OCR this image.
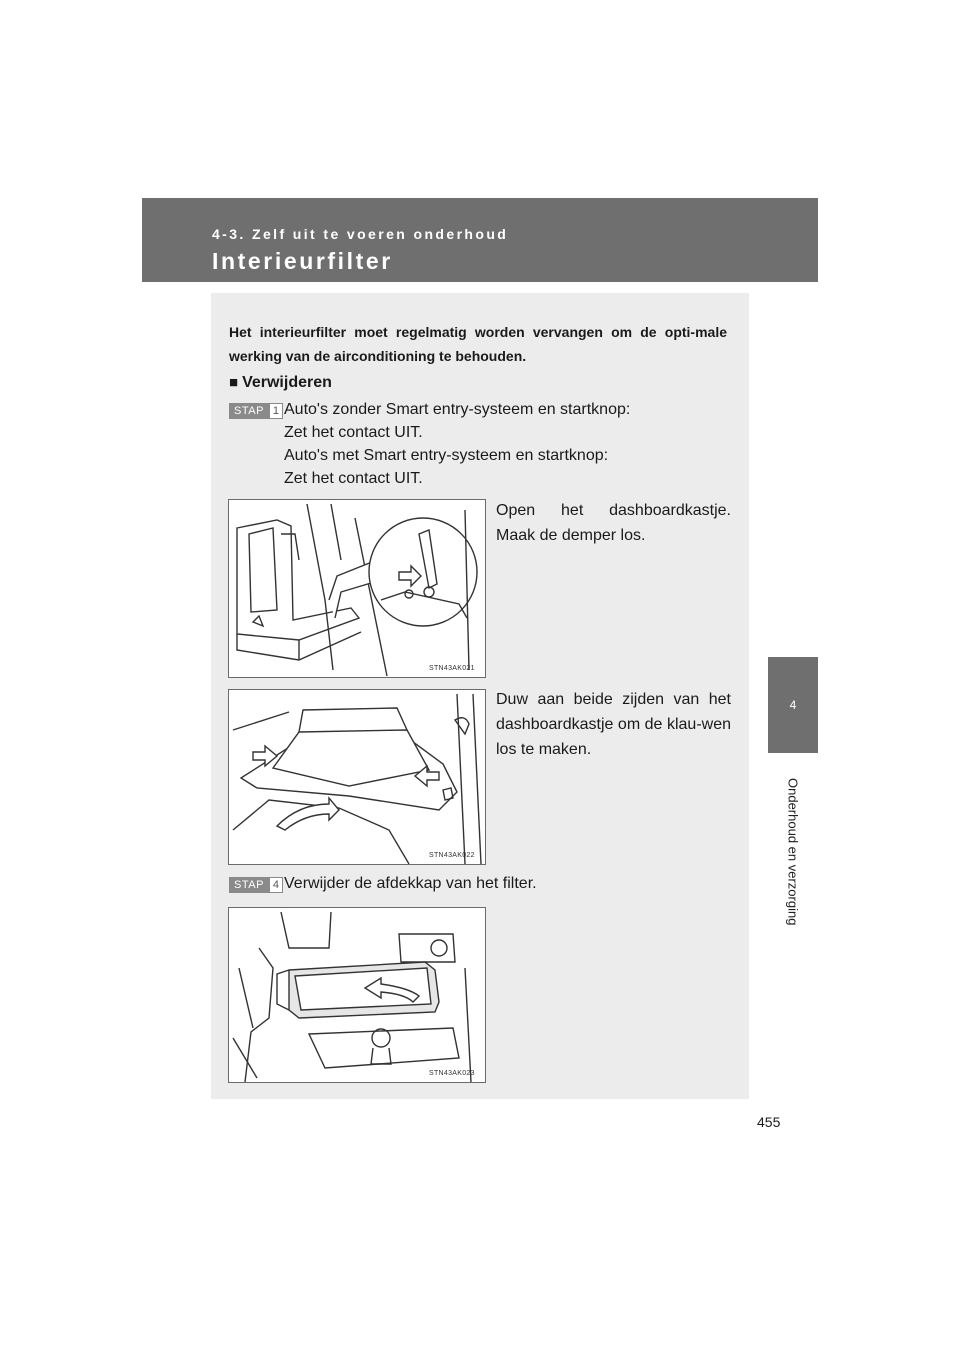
4-3. Zelf uit te voeren onderhoud
Interieurfilter
4
Onderhoud en verzorging

Het interieurfilter moet regelmatig worden vervangen om de opti-male werking van de airconditioning te behouden.

■ Verwijderen
STAP 1 Auto's zonder Smart entry-systeem en startknop:
Zet het contact UIT.
Auto's met Smart entry-systeem en startknop:
Zet het contact UIT.
STN43AK021

Open het dashboardkastje. Maak de demper los.

STN43AK022

Duw aan beide zijden van het dashboardkastje om de klau-wen los te maken.

STAP 4 Verwijder de afdekkap van het filter.
STN43AK023
455
